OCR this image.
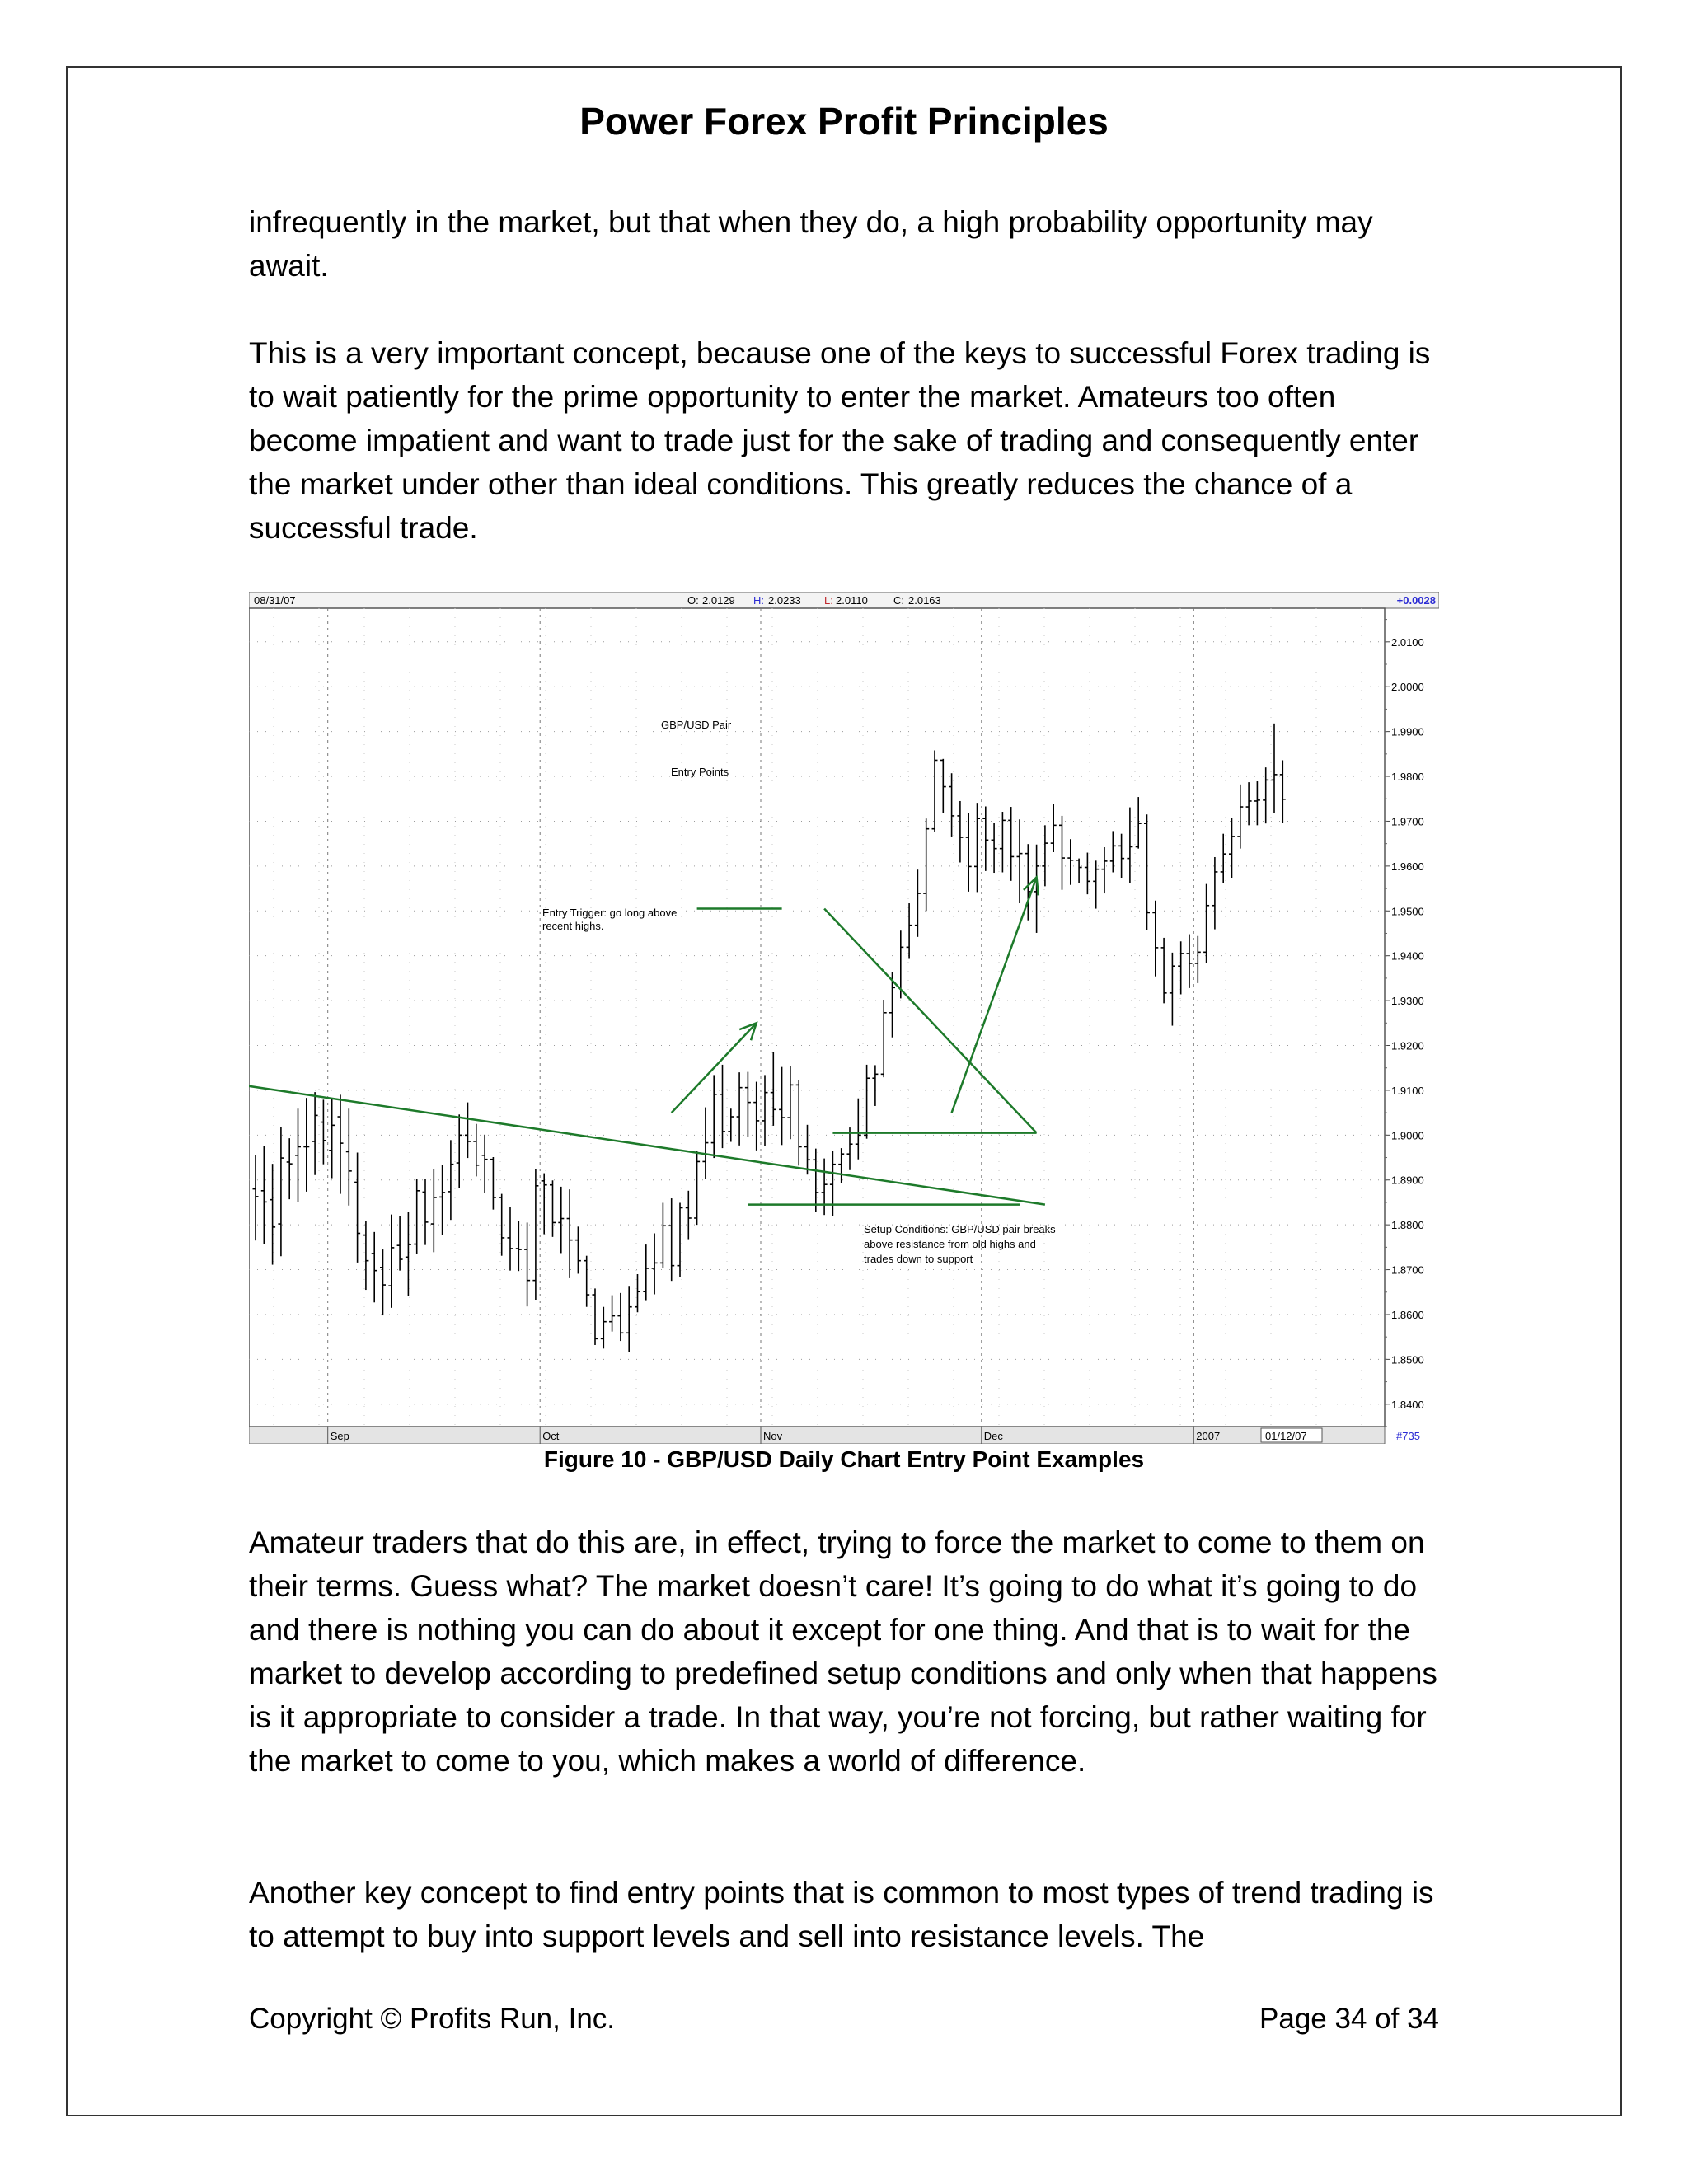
Power Forex Profit Principles

infrequently in the market, but that when they do, a high probability opportunity may await.

This is a very important concept, because one of the keys to successful Forex trading is to wait patiently for the prime opportunity to enter the market. Amateurs too often become impatient and want to trade just for the sake of trading and consequently enter the market under other than ideal conditions. This greatly reduces the chance of a successful trade.

08/31/07	O: 2.0129 H: 2.0233 L: 2.0110 C: 2.0163	+0.0028
2.0100
2.0000
1.9900
1.9800
1.9700
1.9600
1.9500
1.9400
1.9300
1.9200
1.9100
1.9000
1.8900
1.8800
1.8700
1.8600
1.8500
1.8400
GBP/USD Pair
Entry Points
Entry Trigger: go long above
recent highs.
Setup Conditions: GBP/USD pair breaks
above resistance from old highs and
trades down to support
Sep	Oct	Nov	Dec	2007	01/12/07	#735
Figure 10 - GBP/USD Daily Chart Entry Point Examples

Amateur traders that do this are, in effect, trying to force the market to come to them on their terms. Guess what? The market doesn’t care! It’s going to do what it’s going to do and there is nothing you can do about it except for one thing. And that is to wait for the market to develop according to predefined setup conditions and only when that happens is it appropriate to consider a trade. In that way, you’re not forcing, but rather waiting for the market to come to you, which makes a world of difference.

Another key concept to find entry points that is common to most types of trend trading is to attempt to buy into support levels and sell into resistance levels. The

Copyright © Profits Run, Inc.	Page 34 of 34
